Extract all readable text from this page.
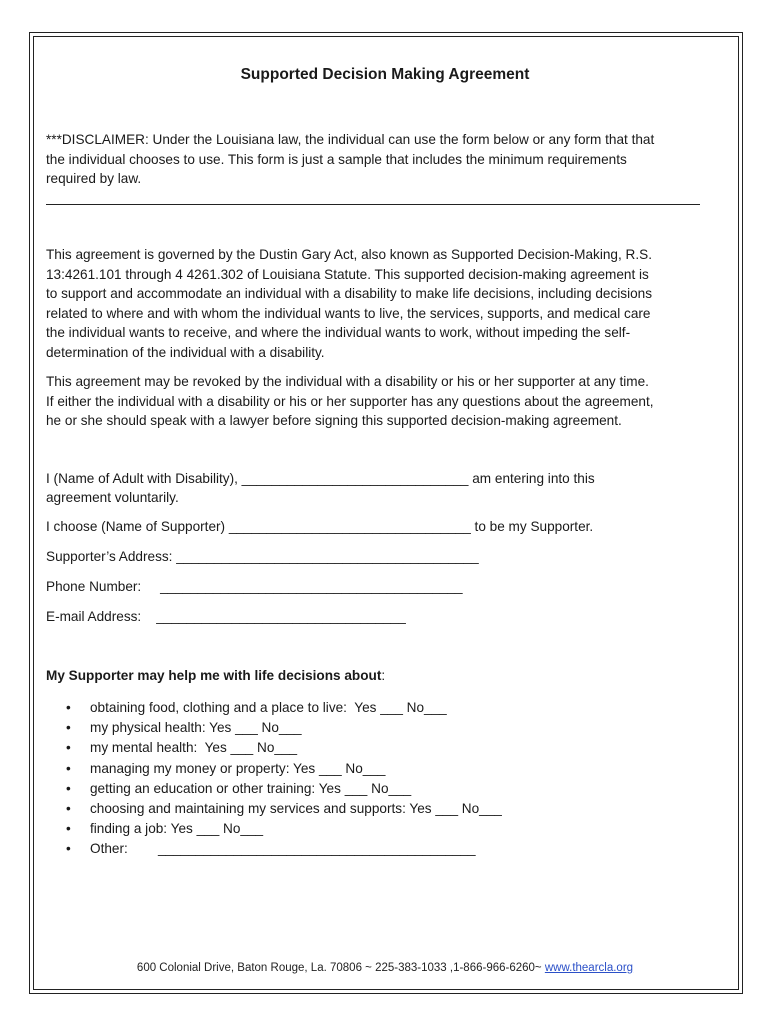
Supported Decision Making Agreement
***DISCLAIMER: Under the Louisiana law, the individual can use the form below or any form that that
the individual chooses to use. This form is just a sample that includes the minimum requirements
required by law.
This agreement is governed by the Dustin Gary Act, also known as Supported Decision-Making, R.S.
13:4261.101 through 4 4261.302 of Louisiana Statute. This supported decision-making agreement is
to support and accommodate an individual with a disability to make life decisions, including decisions
related to where and with whom the individual wants to live, the services, supports, and medical care
the individual wants to receive, and where the individual wants to work, without impeding the self-
determination of the individual with a disability.
This agreement may be revoked by the individual with a disability or his or her supporter at any time.
If either the individual with a disability or his or her supporter has any questions about the agreement,
he or she should speak with a lawyer before signing this supported decision-making agreement.
I (Name of Adult with Disability), ______________________________ am entering into this
agreement voluntarily.
I choose (Name of Supporter) ________________________________ to be my Supporter.
Supporter’s Address: ________________________________________
Phone Number:     ________________________________________
E-mail Address:    _________________________________
My Supporter may help me with life decisions about:
• obtaining food, clothing and a place to live:  Yes ___ No___
• my physical health: Yes ___ No___
• my mental health:  Yes ___ No___
• managing my money or property: Yes ___ No___
• getting an education or other training: Yes ___ No___
• choosing and maintaining my services and supports: Yes ___ No___
• finding a job: Yes ___ No___
• Other:        __________________________________________
600 Colonial Drive, Baton Rouge, La. 70806 ~ 225-383-1033 ,1-866-966-6260~ www.thearcla.org
